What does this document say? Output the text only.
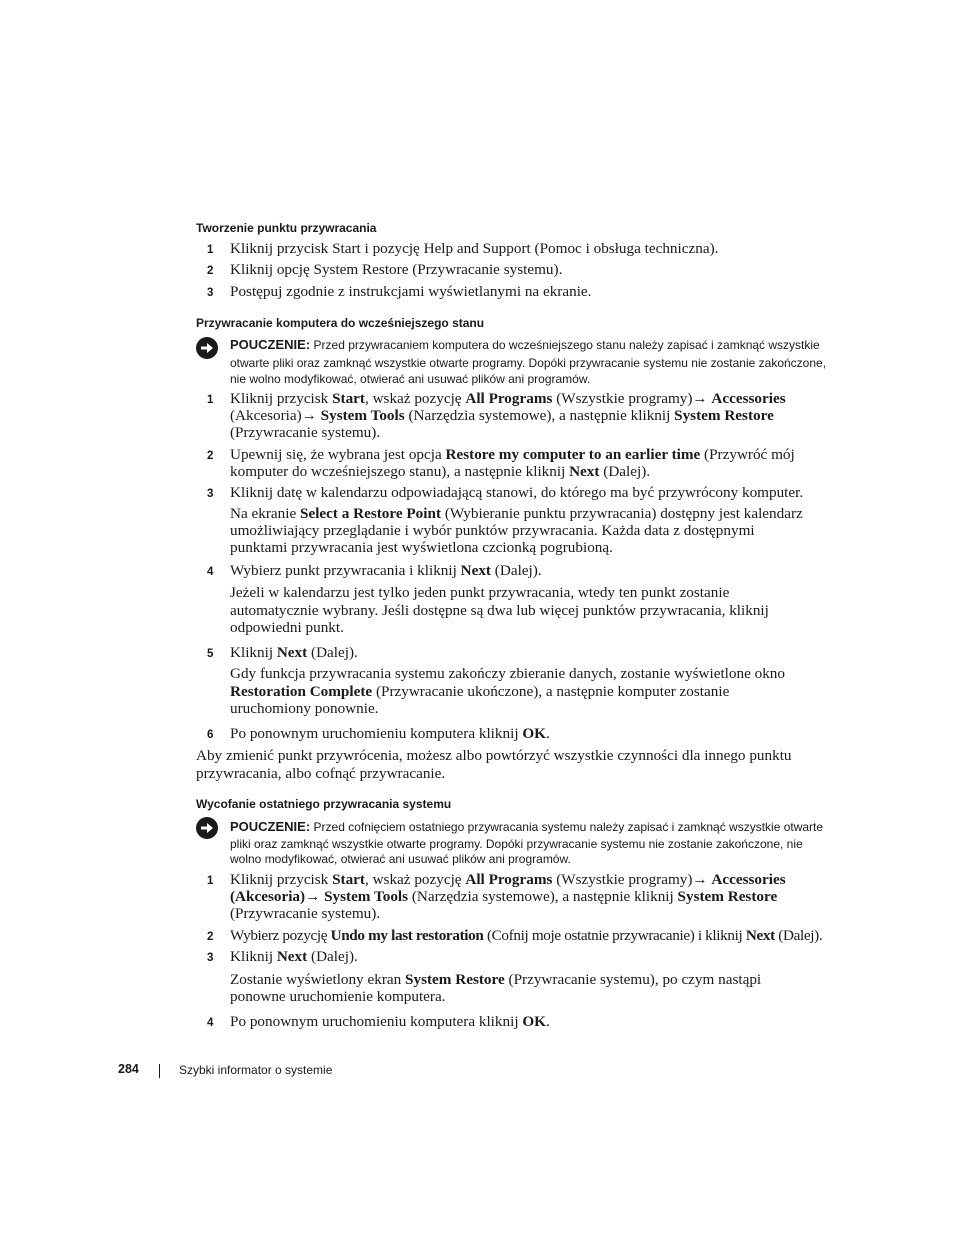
Tworzenie punktu przywracania
1 Kliknij przycisk Start i pozycję Help and Support (Pomoc i obsługa techniczna).
2 Kliknij opcję System Restore (Przywracanie systemu).
3 Postępuj zgodnie z instrukcjami wyświetlanymi na ekranie.
Przywracanie komputera do wcześniejszego stanu
POUCZENIE: Przed przywracaniem komputera do wcześniejszego stanu należy zapisać i zamknąć wszystkie
otwarte pliki oraz zamknąć wszystkie otwarte programy. Dopóki przywracanie systemu nie zostanie zakończone,
nie wolno modyfikować, otwierać ani usuwać plików ani programów.
1 Kliknij przycisk Start, wskaż pozycję All Programs (Wszystkie programy)→ Accessories
(Akcesoria)→ System Tools (Narzędzia systemowe), a następnie kliknij System Restore
(Przywracanie systemu).
2 Upewnij się, że wybrana jest opcja Restore my computer to an earlier time (Przywróć mój
komputer do wcześniejszego stanu), a następnie kliknij Next (Dalej).
3 Kliknij datę w kalendarzu odpowiadającą stanowi, do którego ma być przywrócony komputer.
Na ekranie Select a Restore Point (Wybieranie punktu przywracania) dostępny jest kalendarz
umożliwiający przeglądanie i wybór punktów przywracania. Każda data z dostępnymi
punktami przywracania jest wyświetlona czcionką pogrubioną.
4 Wybierz punkt przywracania i kliknij Next (Dalej).
Jeżeli w kalendarzu jest tylko jeden punkt przywracania, wtedy ten punkt zostanie
automatycznie wybrany. Jeśli dostępne są dwa lub więcej punktów przywracania, kliknij
odpowiedni punkt.
5 Kliknij Next (Dalej).
Gdy funkcja przywracania systemu zakończy zbieranie danych, zostanie wyświetlone okno
Restoration Complete (Przywracanie ukończone), a następnie komputer zostanie
uruchomiony ponownie.
6 Po ponownym uruchomieniu komputera kliknij OK.
Aby zmienić punkt przywrócenia, możesz albo powtórzyć wszystkie czynności dla innego punktu
przywracania, albo cofnąć przywracanie.
Wycofanie ostatniego przywracania systemu
POUCZENIE: Przed cofnięciem ostatniego przywracania systemu należy zapisać i zamknąć wszystkie otwarte
pliki oraz zamknąć wszystkie otwarte programy. Dopóki przywracanie systemu nie zostanie zakończone, nie
wolno modyfikować, otwierać ani usuwać plików ani programów.
1 Kliknij przycisk Start, wskaż pozycję All Programs (Wszystkie programy)→ Accessories
(Akcesoria)→ System Tools (Narzędzia systemowe), a następnie kliknij System Restore
(Przywracanie systemu).
2 Wybierz pozycję Undo my last restoration (Cofnij moje ostatnie przywracanie) i kliknij Next (Dalej).
3 Kliknij Next (Dalej).
Zostanie wyświetlony ekran System Restore (Przywracanie systemu), po czym nastąpi
ponowne uruchomienie komputera.
4 Po ponownym uruchomieniu komputera kliknij OK.
284	Szybki informator o systemie
